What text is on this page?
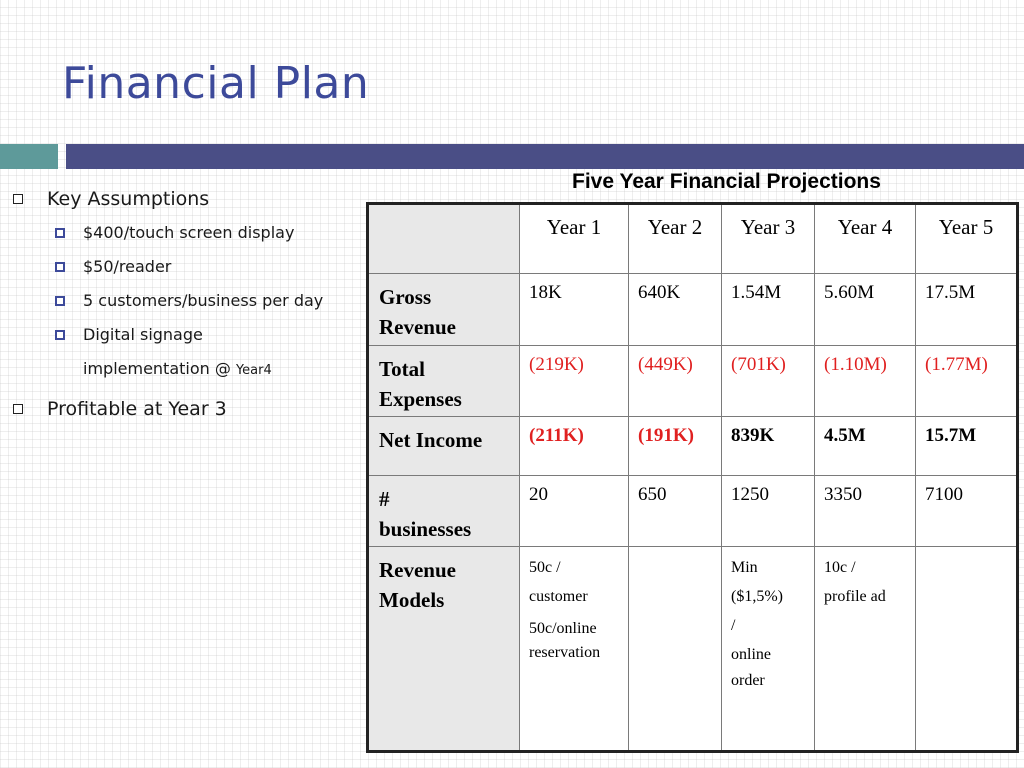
Financial Plan
Key Assumptions
$400/touch screen display
$50/reader
5 customers/business per day
Digital signage
implementation @ Year4
Profitable at Year 3
Five Year Financial Projections
	Year 1	Year 2	Year 3	Year 4	Year 5
Gross
Revenue	18K	640K	1.54M	5.60M	17.5M
Total
Expenses	(219K)	(449K)	(701K)	(1.10M)	(1.77M)
Net Income	(211K)	(191K)	839K	4.5M	15.7M
#
businesses	20	650	1250	3350	7100
Revenue
Models	50c /
customer
50c/online
reservation		Min
($1,5%)
/
online
order	10c /
profile ad	
